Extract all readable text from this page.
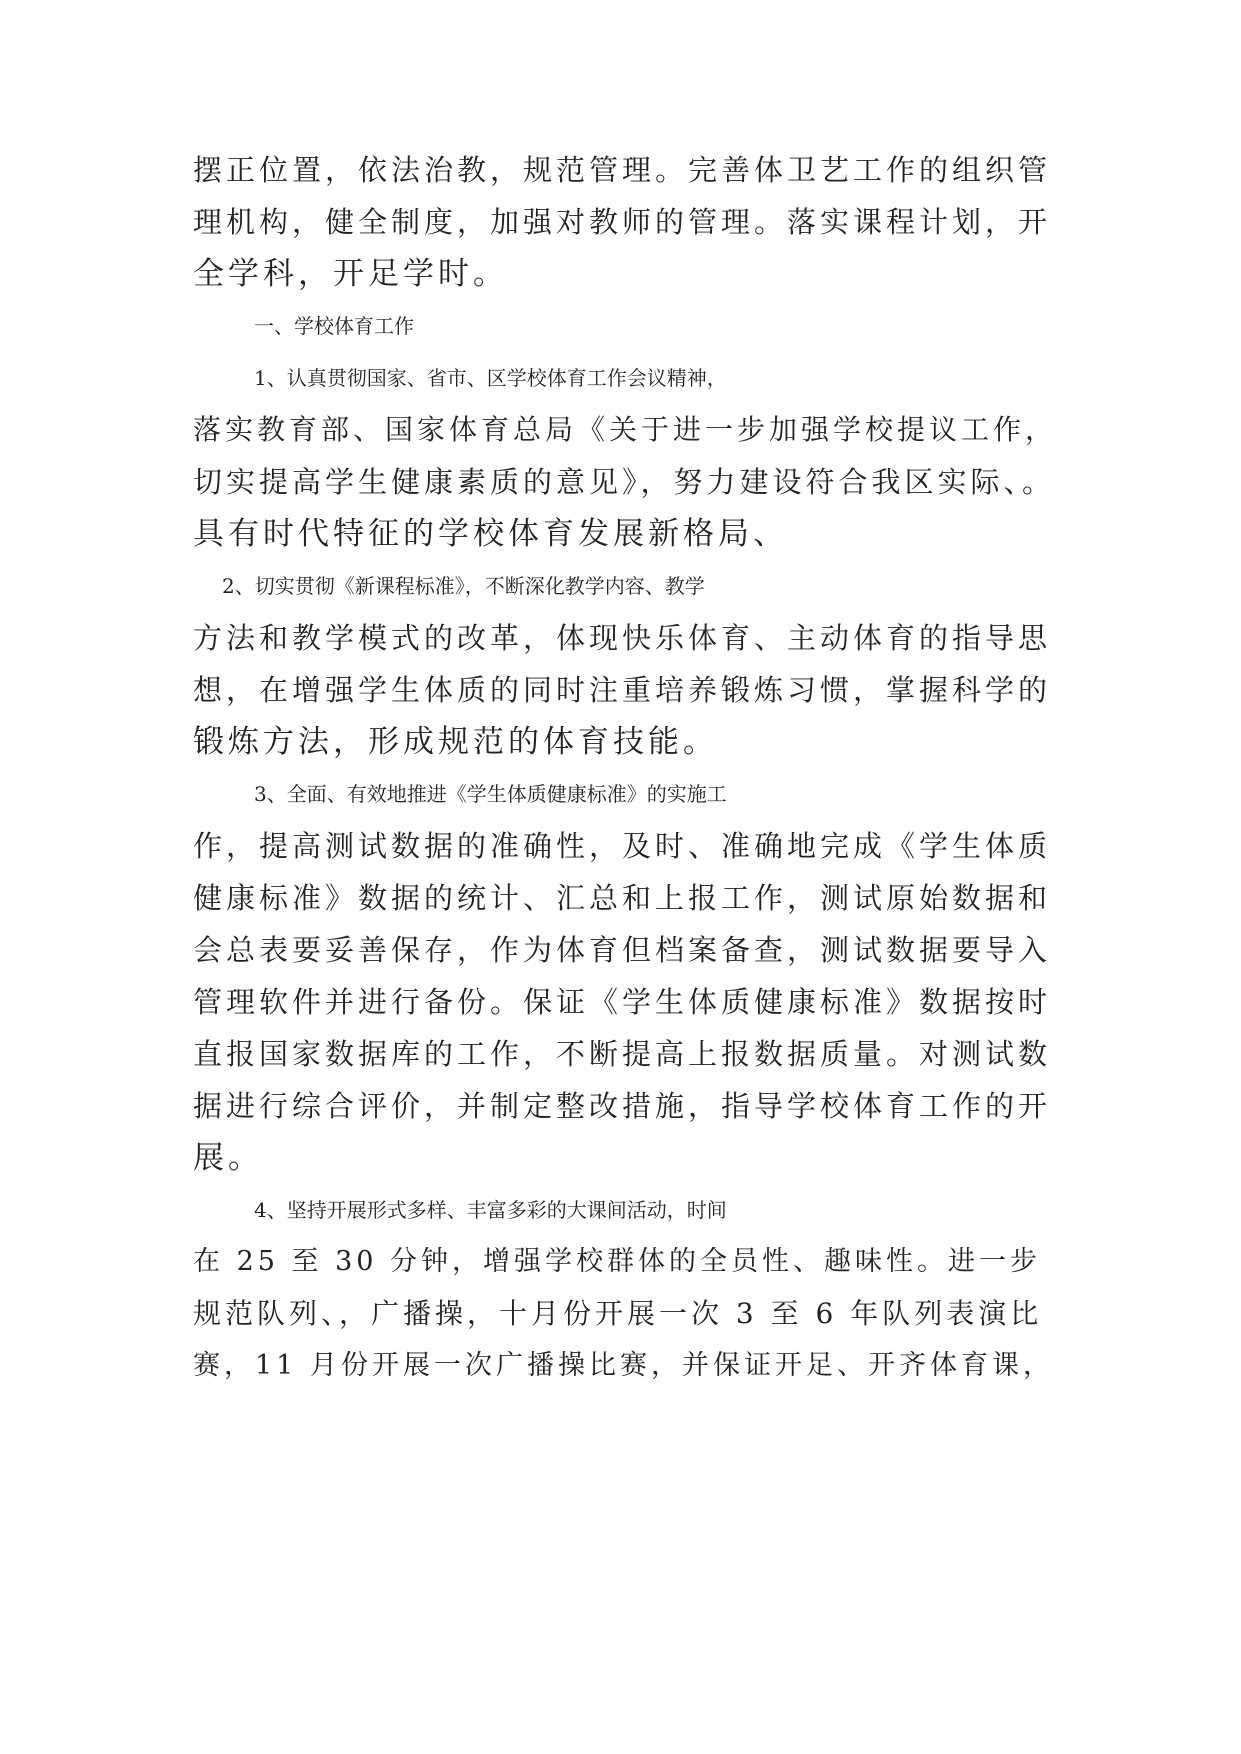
摆正位置，依法治教，规范管理。完善体卫艺工作的组织管

理机构，健全制度，加强对教师的管理。落实课程计划，开

全学科，开足学时。

一、学校体育工作

1、认真贯彻国家、省市、区学校体育工作会议精神，

落实教育部、国家体育总局《关于进一步加强学校提议工作，

切实提高学生健康素质的意见》，努力建设符合我区实际、。

具有时代特征的学校体育发展新格局、

2、切实贯彻《新课程标准》，不断深化教学内容、教学

方法和教学模式的改革，体现快乐体育、主动体育的指导思

想，在增强学生体质的同时注重培养锻炼习惯，掌握科学的

锻炼方法，形成规范的体育技能。

3、全面、有效地推进《学生体质健康标准》的实施工

作，提高测试数据的准确性，及时、准确地完成《学生体质

健康标准》数据的统计、汇总和上报工作，测试原始数据和

会总表要妥善保存，作为体育但档案备查，测试数据要导入

管理软件并进行备份。保证《学生体质健康标准》数据按时

直报国家数据库的工作，不断提高上报数据质量。对测试数

据进行综合评价，并制定整改措施，指导学校体育工作的开

展。

4、坚持开展形式多样、丰富多彩的大课间活动，时间

在 25 至 30 分钟，增强学校群体的全员性、趣味性。进一步

规范队列、，广播操，十月份开展一次 3 至 6 年队列表演比

赛，11 月份开展一次广播操比赛，并保证开足、开齐体育课，
